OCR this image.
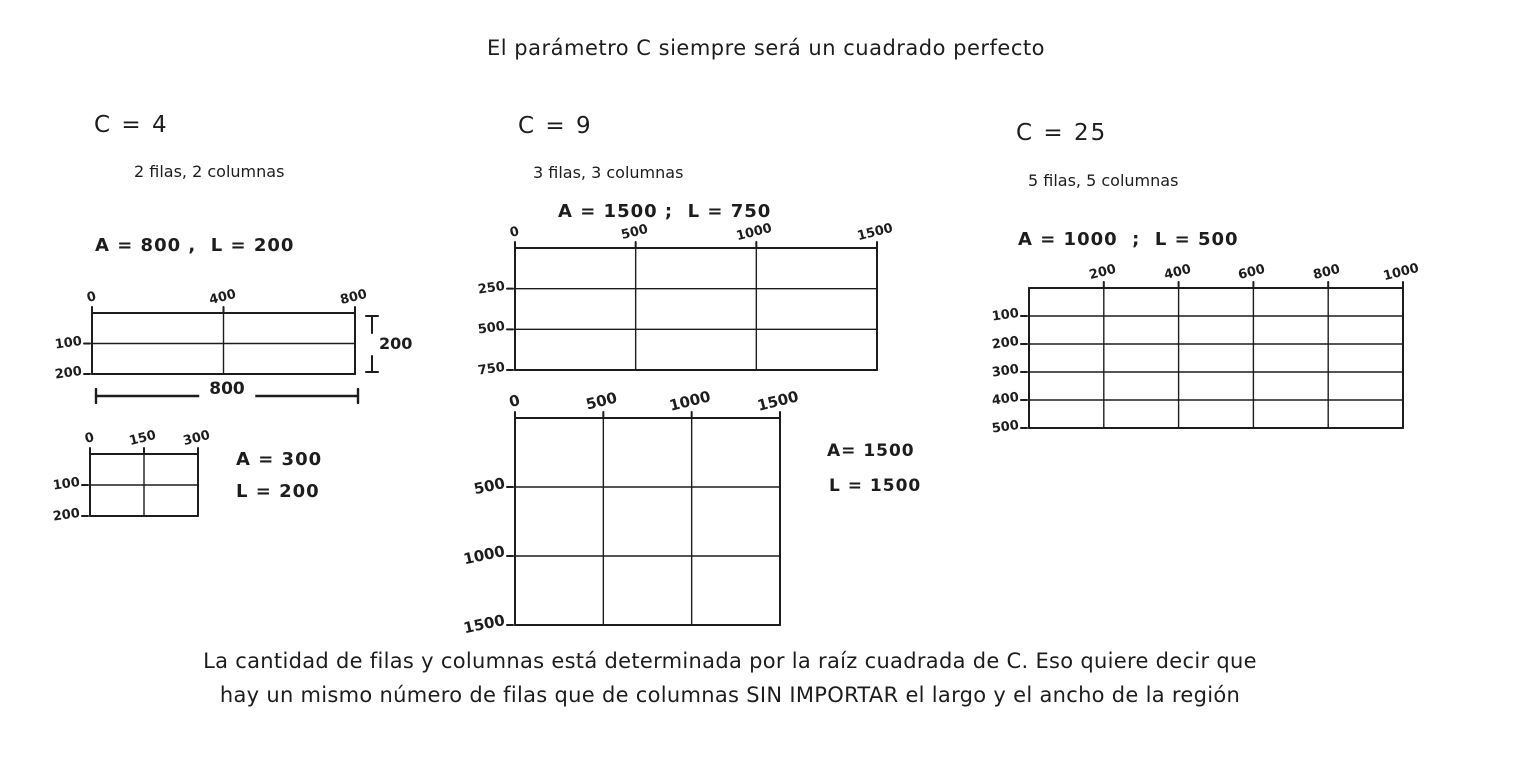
El parámetro C siempre será un cuadrado perfecto
C = 4
2 filas, 2 columnas
A = 800 ,  L = 200
0	400	800
100
200
200
800
0 150 300
100
200
A = 300
L = 200
C = 9
3 filas, 3 columnas
A = 1500 ;  L = 750
0	500	1000	1500
250
500
750
0	500	1000	1500
500
1000
1500
A= 1500
L = 1500
C = 25
5 filas, 5 columnas
A = 1000  ;  L = 500
200	400	600	800	1000
100
200
300
400
500
La cantidad de filas y columnas está determinada por la raíz cuadrada de C. Eso quiere decir que
hay un mismo número de filas que de columnas SIN IMPORTAR el largo y el ancho de la región
